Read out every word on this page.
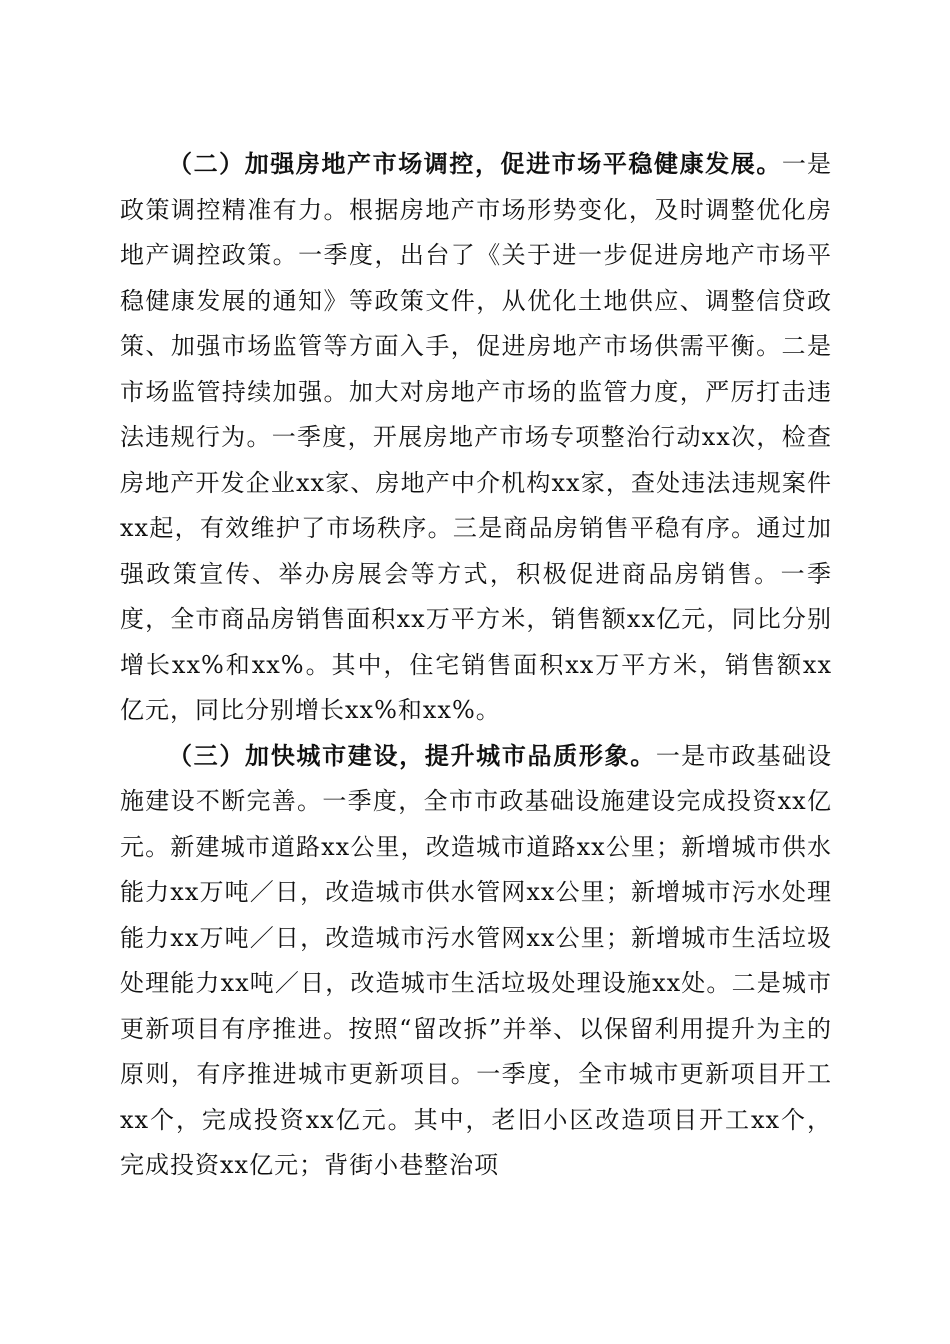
（二）加强房地产市场调控，促进市场平稳健康发展。一是政策调控精准有力。根据房地产市场形势变化，及时调整优化房地产调控政策。一季度，出台了《关于进一步促进房地产市场平稳健康发展的通知》等政策文件，从优化土地供应、调整信贷政策、加强市场监管等方面入手，促进房地产市场供需平衡。二是市场监管持续加强。加大对房地产市场的监管力度，严厉打击违法违规行为。一季度，开展房地产市场专项整治行动xx次，检查房地产开发企业xx家、房地产中介机构xx家，查处违法违规案件xx起，有效维护了市场秩序。三是商品房销售平稳有序。通过加强政策宣传、举办房展会等方式，积极促进商品房销售。一季度，全市商品房销售面积xx万平方米，销售额xx亿元，同比分别增长xx%和xx%。其中，住宅销售面积xx万平方米，销售额xx亿元，同比分别增长xx%和xx%。

（三）加快城市建设，提升城市品质形象。一是市政基础设施建设不断完善。一季度，全市市政基础设施建设完成投资xx亿元。新建城市道路xx公里，改造城市道路xx公里；新增城市供水能力xx万吨／日，改造城市供水管网xx公里；新增城市污水处理能力xx万吨／日，改造城市污水管网xx公里；新增城市生活垃圾处理能力xx吨／日，改造城市生活垃圾处理设施xx处。二是城市更新项目有序推进。按照“留改拆”并举、以保留利用提升为主的原则，有序推进城市更新项目。一季度，全市城市更新项目开工xx个，完成投资xx亿元。其中，老旧小区改造项目开工xx个，完成投资xx亿元；背街小巷整治项
